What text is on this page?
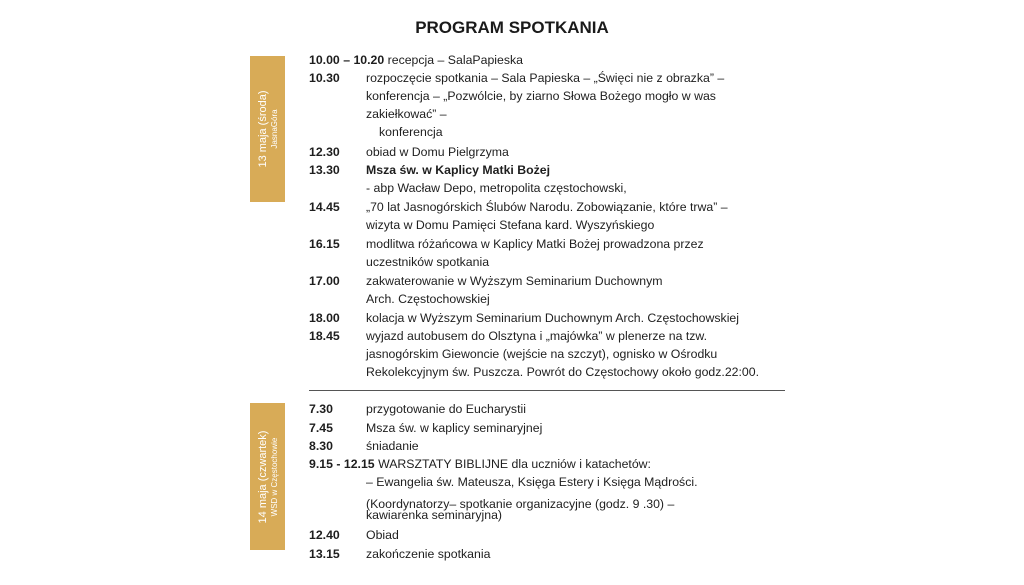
PROGRAM SPOTKANIA
13 maja (środa) JasnaGóra
10.00 – 10.20 recepcja – SalaPapieska
10.30 rozpoczęcie spotkania – Sala Papieska – „Święci nie z obrazka” –
konferencja – „Pozwólcie, by ziarno Słowa Bożego mogło w was
zakiełkować” –
konferencja
12.30 obiad w Domu Pielgrzyma
13.30 Msza św. w Kaplicy Matki Bożej
- abp Wacław Depo, metropolita częstochowski,
14.45 „70 lat Jasnogórskich Ślubów Narodu. Zobowiązanie, które trwa” –
wizyta w Domu Pamięci Stefana kard. Wyszyńskiego
16.15 modlitwa różańcowa w Kaplicy Matki Bożej prowadzona przez
uczestników spotkania
17.00 zakwaterowanie w Wyższym Seminarium Duchownym
Arch. Częstochowskiej
18.00 kolacja w Wyższym Seminarium Duchownym Arch. Częstochowskiej
18.45 wyjazd autobusem do Olsztyna i „majówka” w plenerze na tzw.
jasnogórskim Giewoncie (wejście na szczyt), ognisko w Ośrodku
Rekolekcyjnym św. Puszcza. Powrót do Częstochowy około godz.22:00.
14 maja (czwartek) WSD w Częstochowie
7.30	przygotowanie do Eucharystii
7.45	Msza św. w kaplicy seminaryjnej
8.30	śniadanie
9.15 - 12.15 WARSZTATY BIBLIJNE dla uczniów i katachetów:
– Ewangelia św. Mateusza, Księga Estery i Księga Mądrości.
(Koordynatorzy– spotkanie organizacyjne (godz. 9 .30) –
kawiarenka seminaryjna)
12.40 Obiad
13.15 zakończenie spotkania
